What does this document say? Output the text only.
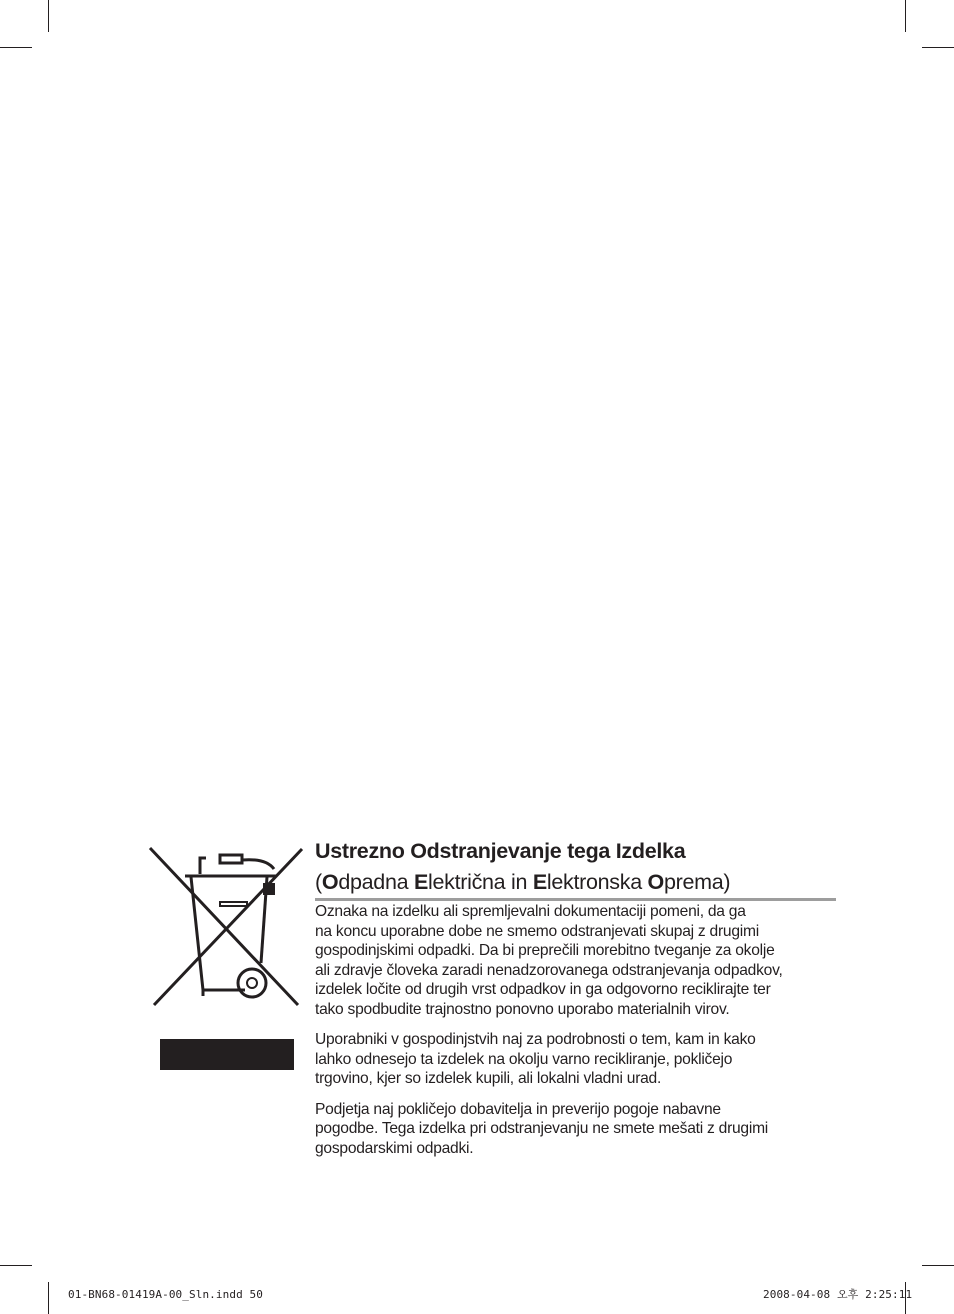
Ustrezno Odstranjevanje tega Izdelka
(Odpadna Električna in Elektronska Oprema)

Oznaka na izdelku ali spremljevalni dokumentaciji pomeni, da ga
na koncu uporabne dobe ne smemo odstranjevati skupaj z drugimi
gospodinjskimi odpadki. Da bi preprečili morebitno tveganje za okolje
ali zdravje človeka zaradi nenadzorovanega odstranjevanja odpadkov,
izdelek ločite od drugih vrst odpadkov in ga odgovorno reciklirajte ter
tako spodbudite trajnostno ponovno uporabo materialnih virov.

Uporabniki v gospodinjstvih naj za podrobnosti o tem, kam in kako
lahko odnesejo ta izdelek na okolju varno recikliranje, pokličejo
trgovino, kjer so izdelek kupili, ali lokalni vladni urad.

Podjetja naj pokličejo dobavitelja in preverijo pogoje nabavne
pogodbe. Tega izdelka pri odstranjevanju ne smete mešati z drugimi
gospodarskimi odpadki.

01-BN68-01419A-00_Sln.indd 50	2008-04-08 오후 2:25:11
